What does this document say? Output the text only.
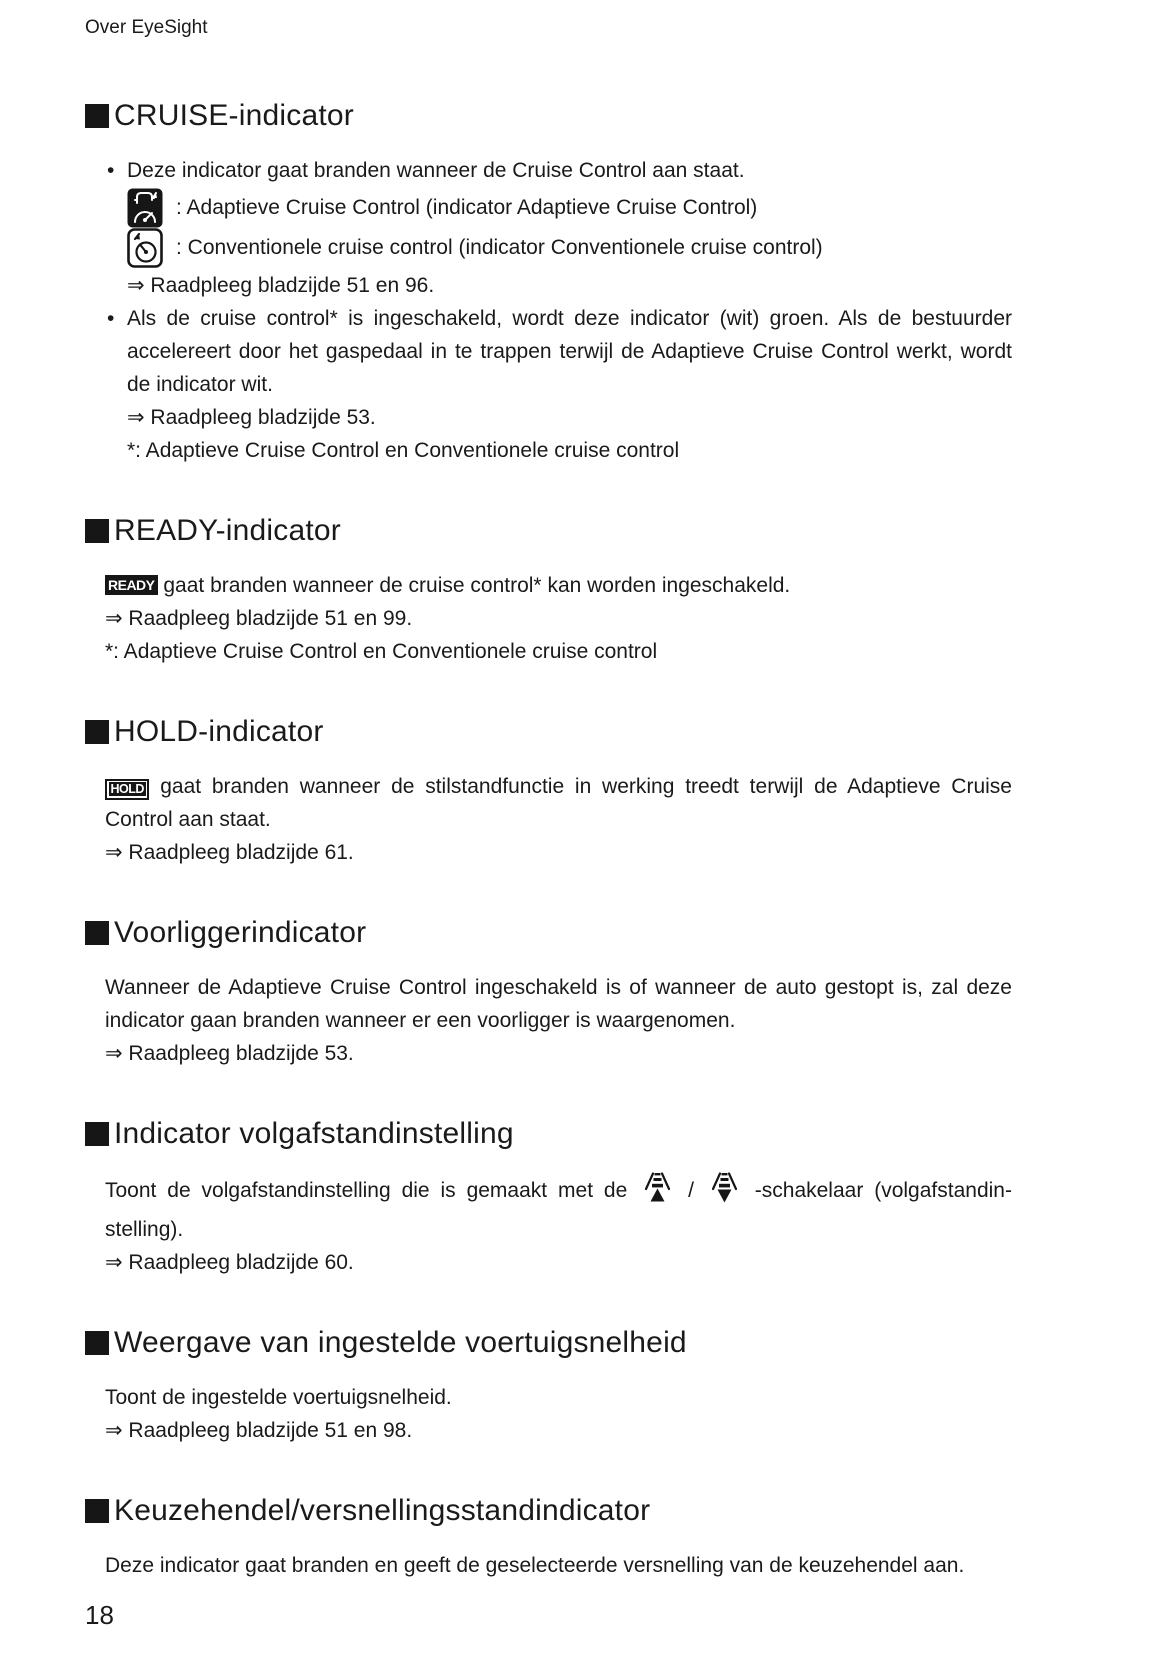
Over EyeSight
CRUISE-indicator
• Deze indicator gaat branden wanneer de Cruise Control aan staat.
: Adaptieve Cruise Control (indicator Adaptieve Cruise Control)
: Conventionele cruise control (indicator Conventionele cruise control)
⇒ Raadpleeg bladzijde 51 en 96.
• Als de cruise control* is ingeschakeld, wordt deze indicator (wit) groen. Als de bestuurder accelereert door het gaspedaal in te trappen terwijl de Adaptieve Cruise Control werkt, wordt de indicator wit.
⇒ Raadpleeg bladzijde 53.
*: Adaptieve Cruise Control en Conventionele cruise control
READY-indicator

READY gaat branden wanneer de cruise control* kan worden ingeschakeld.

⇒ Raadpleeg bladzijde 51 en 99.
*: Adaptieve Cruise Control en Conventionele cruise control
HOLD-indicator

HOLD gaat branden wanneer de stilstandfunctie in werking treedt terwijl de Adaptieve Cruise Control aan staat.

⇒ Raadpleeg bladzijde 61.
Voorliggerindicator

Wanneer de Adaptieve Cruise Control ingeschakeld is of wanneer de auto gestopt is, zal deze indicator gaan branden wanneer er een voorligger is waargenomen.

⇒ Raadpleeg bladzijde 53.
Indicator volgafstandinstelling
Toont de volgafstandinstelling die is gemaakt met de	/	-schakelaar (volgafstandin-
stelling).
⇒ Raadpleeg bladzijde 60.
Weergave van ingestelde voertuigsnelheid

Toont de ingestelde voertuigsnelheid.

⇒ Raadpleeg bladzijde 51 en 98.
Keuzehendel/versnellingsstandindicator

Deze indicator gaat branden en geeft de geselecteerde versnelling van de keuzehendel aan.

18
